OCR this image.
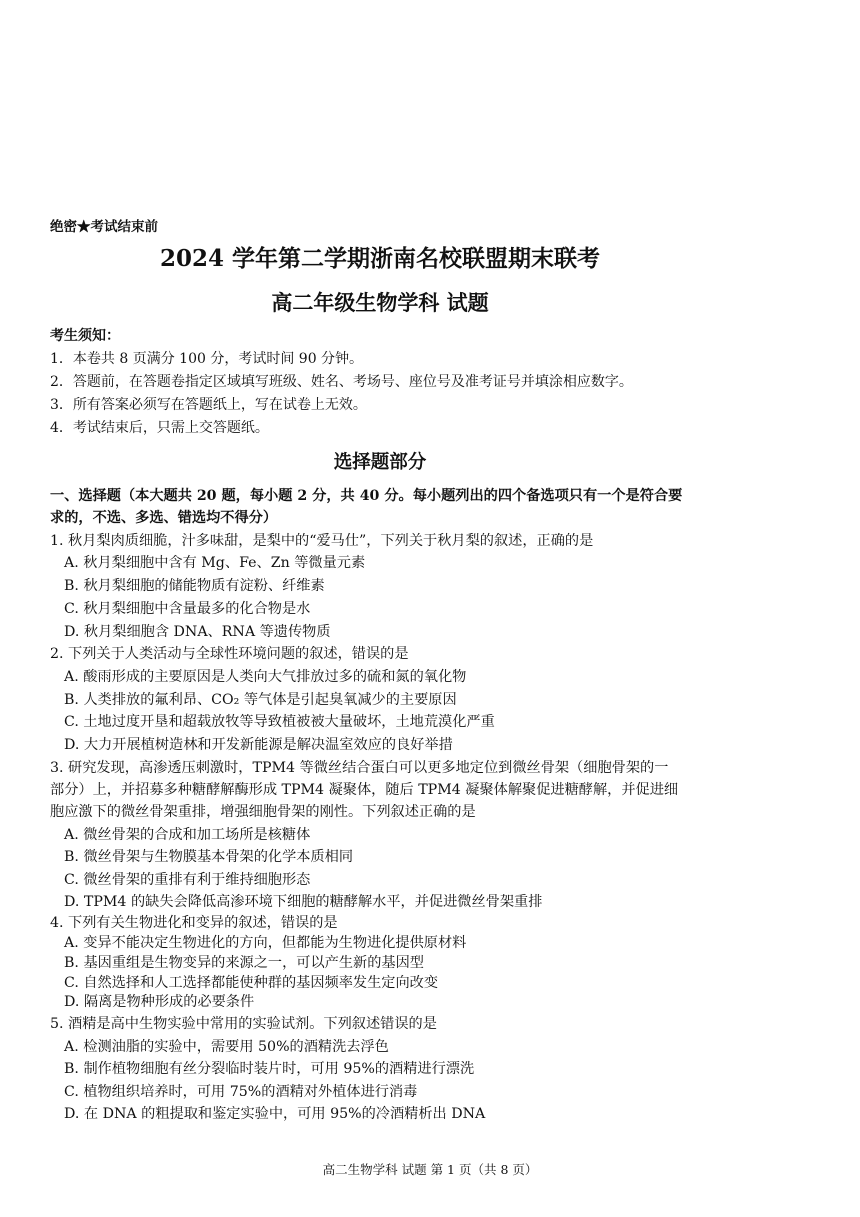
绝密★考试结束前
2024 学年第二学期浙南名校联盟期末联考
高二年级生物学科 试题
考生须知：
1．本卷共 8 页满分 100 分，考试时间 90 分钟。
2．答题前，在答题卷指定区域填写班级、姓名、考场号、座位号及准考证号并填涂相应数字。
3．所有答案必须写在答题纸上，写在试卷上无效。
4．考试结束后，只需上交答题纸。
选择题部分
一、选择题（本大题共 20 题，每小题 2 分，共 40 分。每小题列出的四个备选项只有一个是符合要
求的，不选、多选、错选均不得分）
1. 秋月梨肉质细脆，汁多味甜，是梨中的“爱马仕”，下列关于秋月梨的叙述，正确的是
A. 秋月梨细胞中含有 Mg、Fe、Zn 等微量元素
B. 秋月梨细胞的储能物质有淀粉、纤维素
C. 秋月梨细胞中含量最多的化合物是水
D. 秋月梨细胞含 DNA、RNA 等遗传物质
2. 下列关于人类活动与全球性环境问题的叙述，错误的是
A. 酸雨形成的主要原因是人类向大气排放过多的硫和氮的氧化物
B. 人类排放的氟利昂、CO₂ 等气体是引起臭氧减少的主要原因
C. 土地过度开垦和超载放牧等导致植被被大量破坏，土地荒漠化严重
D. 大力开展植树造林和开发新能源是解决温室效应的良好举措
3. 研究发现，高渗透压刺激时，TPM4 等微丝结合蛋白可以更多地定位到微丝骨架（细胞骨架的一
部分）上，并招募多种糖酵解酶形成 TPM4 凝聚体，随后 TPM4 凝聚体解聚促进糖酵解，并促进细
胞应激下的微丝骨架重排，增强细胞骨架的刚性。下列叙述正确的是
A. 微丝骨架的合成和加工场所是核糖体
B. 微丝骨架与生物膜基本骨架的化学本质相同
C. 微丝骨架的重排有利于维持细胞形态
D. TPM4 的缺失会降低高渗环境下细胞的糖酵解水平，并促进微丝骨架重排
4. 下列有关生物进化和变异的叙述，错误的是
A. 变异不能决定生物进化的方向，但都能为生物进化提供原材料
B. 基因重组是生物变异的来源之一，可以产生新的基因型
C. 自然选择和人工选择都能使种群的基因频率发生定向改变
D. 隔离是物种形成的必要条件
5. 酒精是高中生物实验中常用的实验试剂。下列叙述错误的是
A. 检测油脂的实验中，需要用 50%的酒精洗去浮色
B. 制作植物细胞有丝分裂临时装片时，可用 95%的酒精进行漂洗
C. 植物组织培养时，可用 75%的酒精对外植体进行消毒
D. 在 DNA 的粗提取和鉴定实验中，可用 95%的冷酒精析出 DNA
高二生物学科 试题 第 1 页（共 8 页）
